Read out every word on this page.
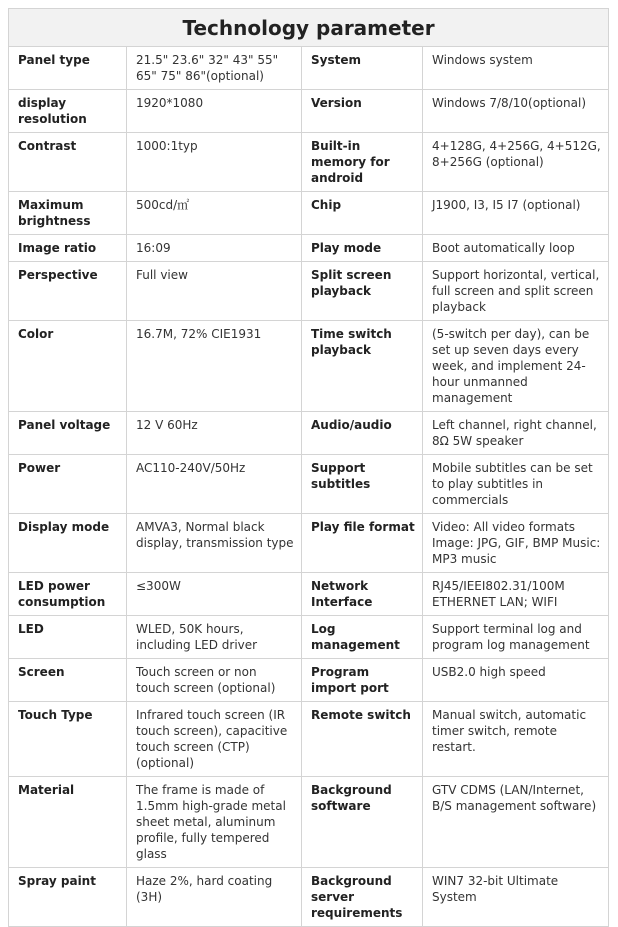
Technology parameter			
Panel type	21.5" 23.6" 32" 43" 55" 65" 75" 86"(optional)	System	Windows system
display resolution	1920*1080	Version	Windows 7/8/10(optional)
Contrast	1000:1typ	Built-in memory for android	4+128G, 4+256G, 4+512G, 8+256G (optional)
Maximum brightness	500cd/㎡	Chip	J1900, I3, I5 I7 (optional)
Image ratio	16:09	Play mode	Boot automatically loop
Perspective	Full view	Split screen playback	Support horizontal, vertical, full screen and split screen playback
Color	16.7M, 72% CIE1931	Time switch playback	(5-switch per day), can be set up seven days every week, and implement 24-hour unmanned management
Panel voltage	12 V 60Hz	Audio/audio	Left channel, right channel, 8Ω 5W speaker
Power	AC110-240V/50Hz	Support subtitles	Mobile subtitles can be set to play subtitles in commercials
Display mode	AMVA3, Normal black display, transmission type	Play file format	Video: All video formats Image: JPG, GIF, BMP Music: MP3 music
LED power consumption	≤300W	Network Interface	RJ45/IEEI802.31/100M ETHERNET LAN; WIFI
LED	WLED, 50K hours, including LED driver	Log management	Support terminal log and program log management
Screen	Touch screen or non touch screen (optional)	Program import port	USB2.0 high speed
Touch Type	Infrared touch screen (IR touch screen), capacitive touch screen (CTP) (optional)	Remote switch	Manual switch, automatic timer switch, remote restart.
Material	The frame is made of 1.5mm high-grade metal sheet metal, aluminum profile, fully tempered glass	Background software	GTV CDMS (LAN/Internet, B/S management software)
Spray paint	Haze 2%, hard coating (3H)	Background server requirements	WIN7 32-bit Ultimate System
